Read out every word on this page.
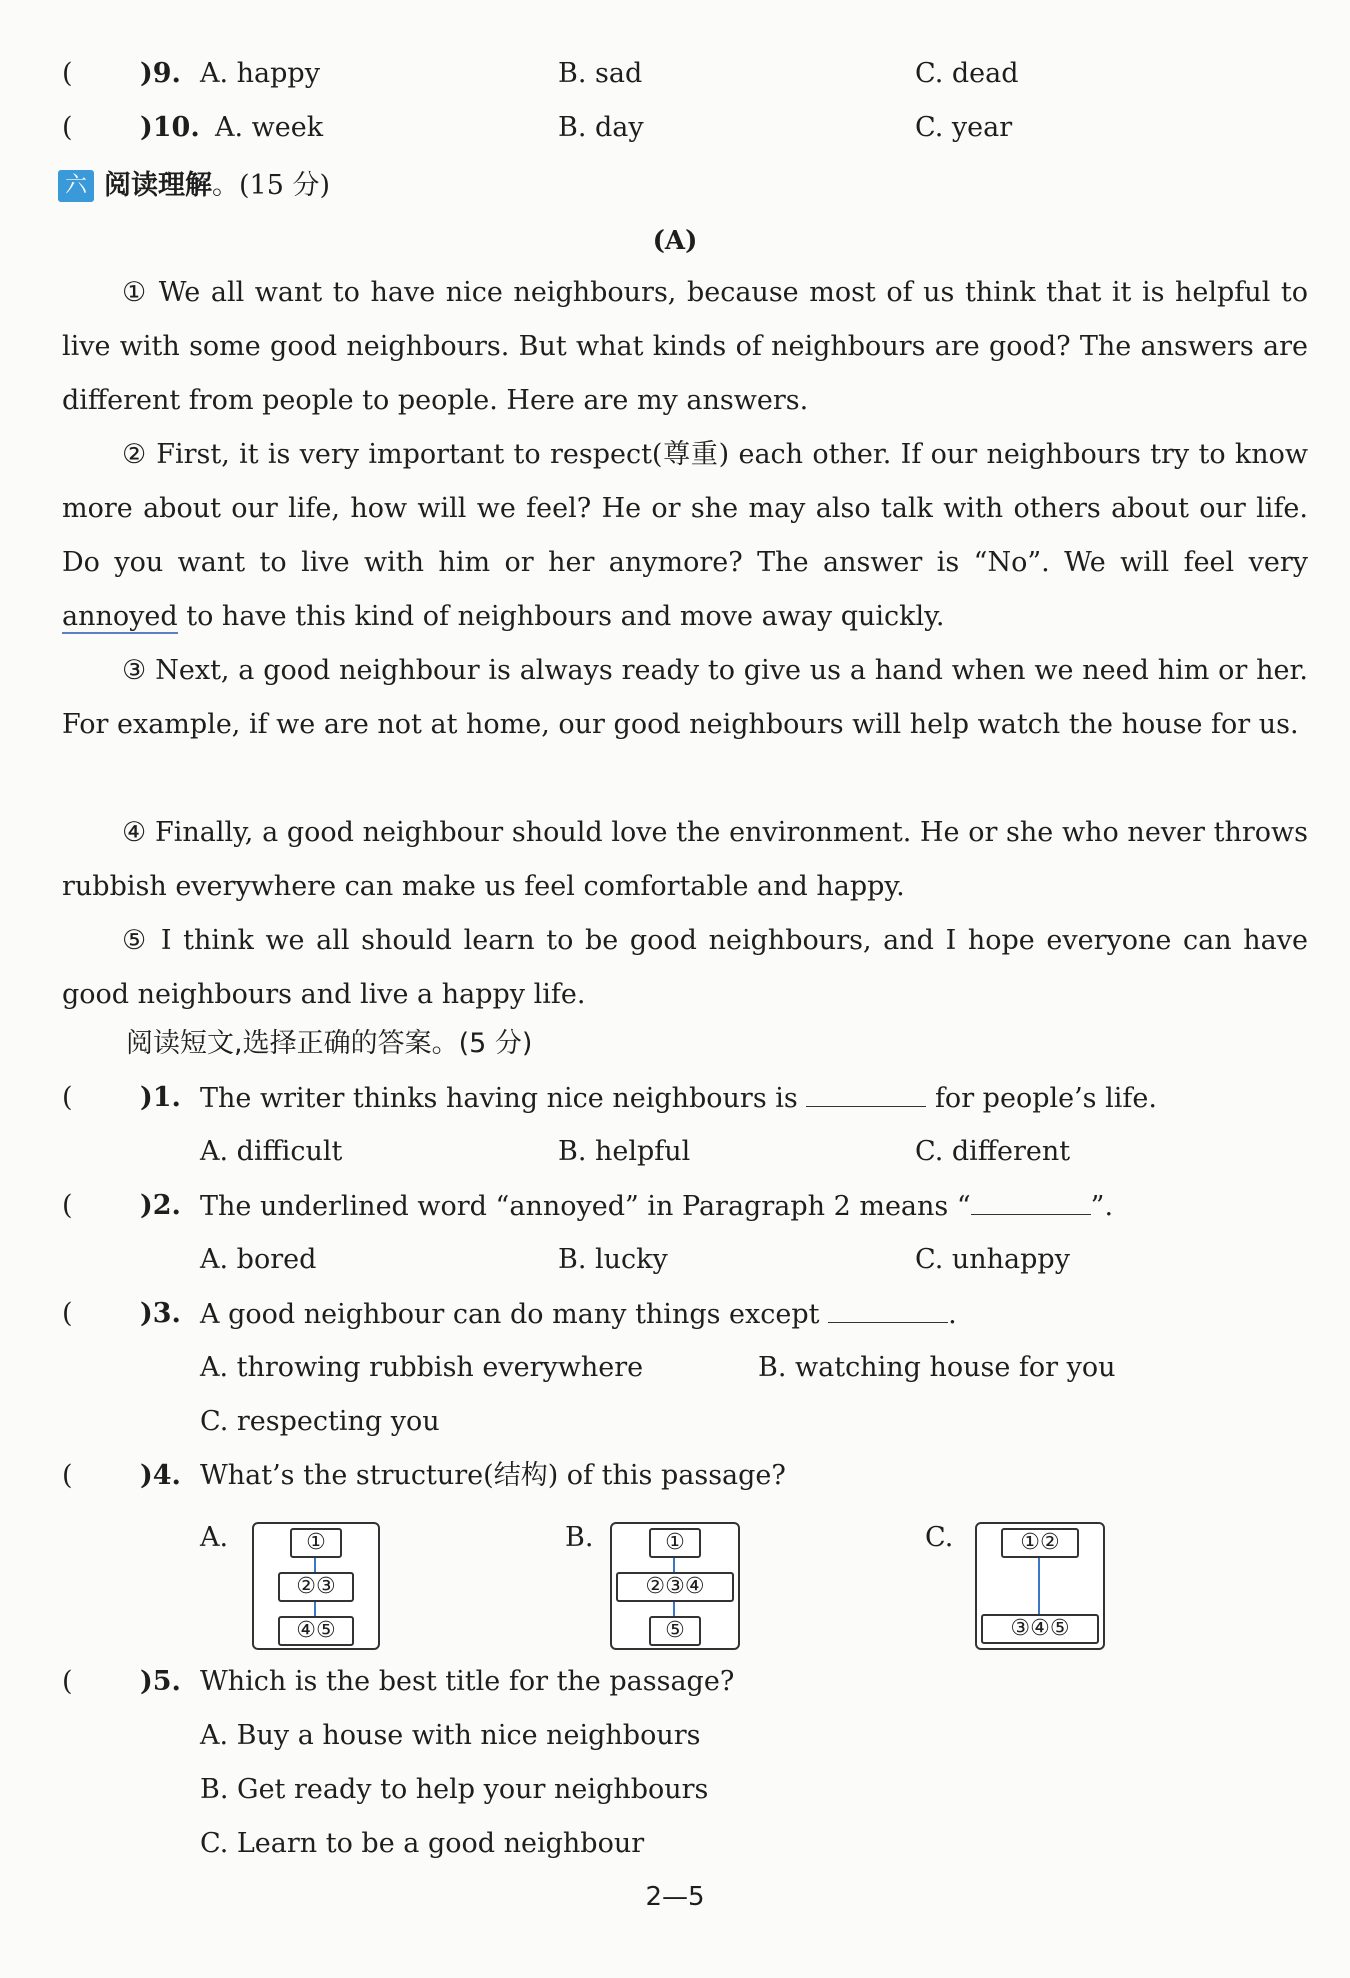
( )9. A. happy	B. sad	C. dead
( )10. A. week	B. day	C. year
六 阅读理解 。(15 分)
(A)
① We all want to have nice neighbours, because most of us think that it is helpful to live with some good neighbours. But what kinds of neighbours are good? The answers are different from people to people. Here are my answers.
② First, it is very important to respect(尊重) each other. If our neighbours try to know more about our life, how will we feel? He or she may also talk with others about our life. Do you want to live with him or her anymore? The answer is “No”. We will feel very annoyed to have this kind of neighbours and move away quickly.
③ Next, a good neighbour is always ready to give us a hand when we need him or her. For example, if we are not at home, our good neighbours will help watch the house for us.
④ Finally, a good neighbour should love the environment. He or she who never throws rubbish everywhere can make us feel comfortable and happy.
⑤ I think we all should learn to be good neighbours, and I hope everyone can have good neighbours and live a happy life.
阅读短文,选择正确的答案。(5 分)
( )1. The writer thinks having nice neighbours is	for people’s life.
A. difficult	B. helpful	C. different
( )2. The underlined word “annoyed” in Paragraph 2 means “	”.
A. bored	B. lucky	C. unhappy
( )3. A good neighbour can do many things except	.
A. throwing rubbish everywhere	B. watching house for you
C. respecting you
( )4. What’s the structure(结构) of this passage?
A.	①
②③
④⑤
B.	①
②③④
⑤
C.	①②
③④⑤
( )5. Which is the best title for the passage?
A. Buy a house with nice neighbours
B. Get ready to help your neighbours
C. Learn to be a good neighbour
2—5
